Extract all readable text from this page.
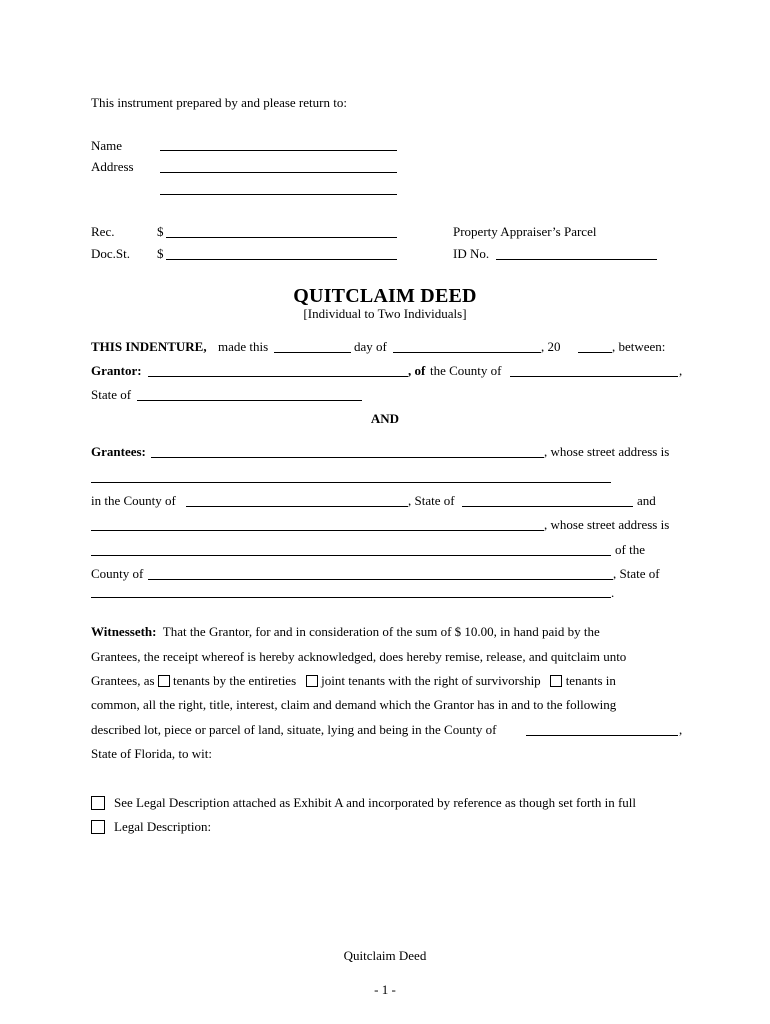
This instrument prepared by and please return to:
Name
Address
Rec.	$
Doc.St. $
Property Appraiser’s Parcel
ID No.
QUITCLAIM DEED
[Individual to Two Individuals]
THIS INDENTURE, made this	day of	, 20	, between:
Grantor:	, of the County of	,
State of
AND
Grantees:	, whose street address is
in the County of	, State of	and
, whose street address is
of the
County of	, State of
.
Witnesseth: That the Grantor, for and in consideration of the sum of $ 10.00, in hand paid by the
Grantees, the receipt whereof is hereby acknowledged, does hereby remise, release, and quitclaim unto
Grantees, as tenants by the entireties joint tenants with the right of survivorship tenants in
common, all the right, title, interest, claim and demand which the Grantor has in and to the following
described lot, piece or parcel of land, situate, lying and being in the County of	,
State of Florida, to wit:
See Legal Description attached as Exhibit A and incorporated by reference as though set forth in full
Legal Description:
Quitclaim Deed
- 1 -
